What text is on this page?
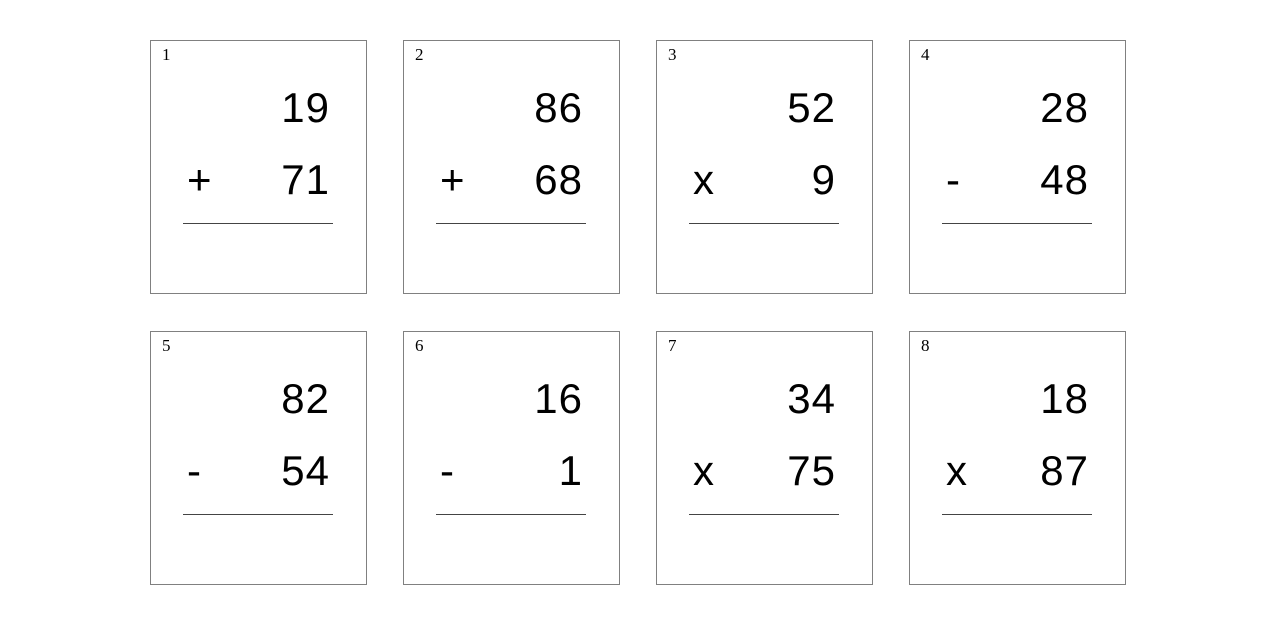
1
19
+ 71
2
86
+ 68
3
52
x 9
4
28
- 48
5
82
- 54
6
16
- 1
7
34
x 75
8
18
x 87
